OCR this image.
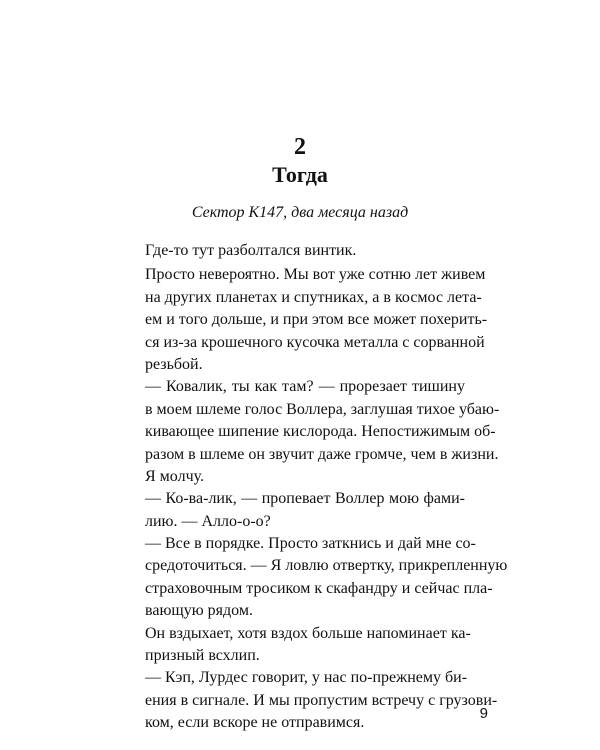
2
Тогда
Сектор К147, два месяца назад
Где-то тут разболтался винтик.
Просто невероятно. Мы вот уже сотню лет живем
на других планетах и спутниках, а в космос лета-
ем и того дольше, и при этом все может похерить-
ся из-за крошечного кусочка металла с сорванной
резьбой.
— Ковалик, ты как там? — прорезает тишину
в моем шлеме голос Воллера, заглушая тихое убаю-
кивающее шипение кислорода. Непостижимым об-
разом в шлеме он звучит даже громче, чем в жизни.
Я молчу.
— Ко-ва-лик, — пропевает Воллер мою фами-
лию. — Алло-о-о?
— Все в порядке. Просто заткнись и дай мне со-
средоточиться. — Я ловлю отвертку, прикрепленную
страховочным тросиком к скафандру и сейчас пла-
вающую рядом.
Он вздыхает, хотя вздох больше напоминает ка-
призный всхлип.
— Кэп, Лурдес говорит, у нас по-прежнему би-
ения в сигнале. И мы пропустим встречу с грузови-
ком, если вскоре не отправимся.
9
